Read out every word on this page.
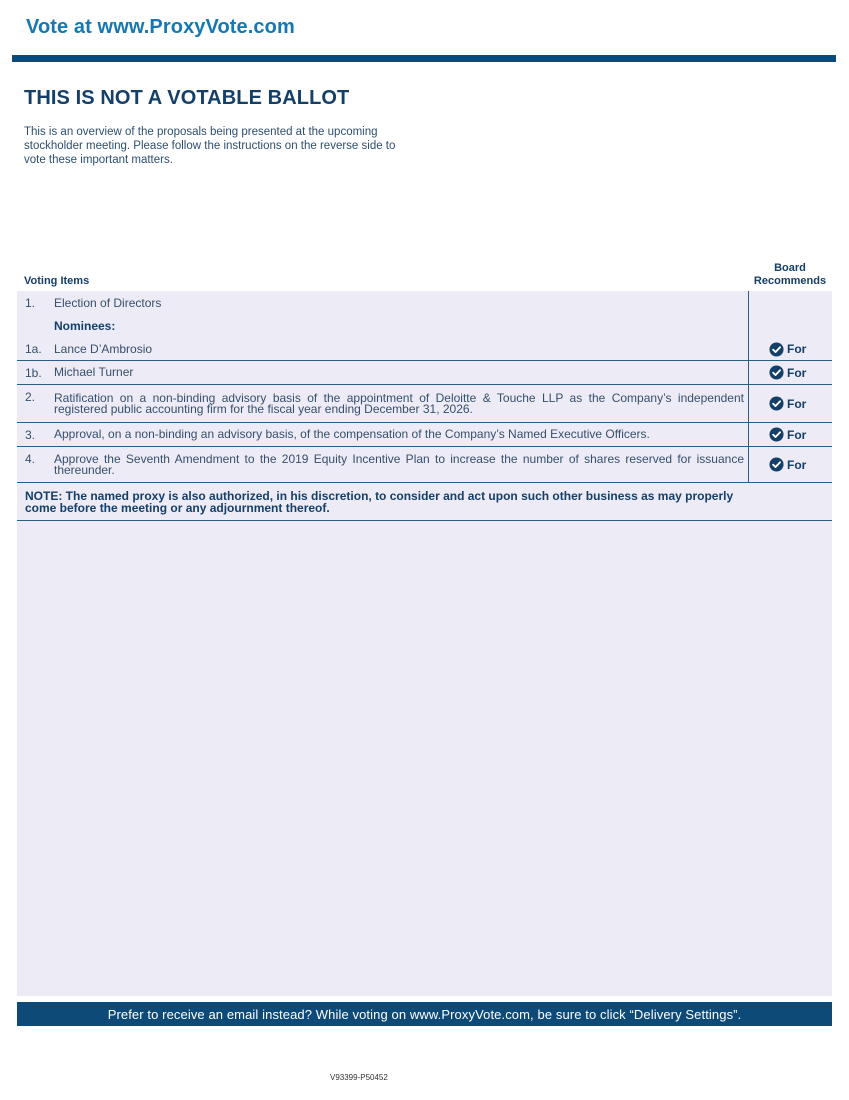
Vote at www.ProxyVote.com
THIS IS NOT A VOTABLE BALLOT

This is an overview of the proposals being presented at the upcoming stockholder meeting. Please follow the instructions on the reverse side to vote these important matters.

Voting Items
Board
Recommends
1. Election of Directors
Nominees:
1a. Lance D’Ambrosio	For
1b. Michael Turner	For
2. Ratification on a non-binding advisory basis of the appointment of Deloitte & Touche LLP as the Company’s independent registered public accounting firm for the fiscal year ending December 31, 2026.	For
3. Approval, on a non-binding an advisory basis, of the compensation of the Company’s Named Executive Officers.	For
4. Approve the Seventh Amendment to the 2019 Equity Incentive Plan to increase the number of shares reserved for issuance thereunder.	For
NOTE: The named proxy is also authorized, in his discretion, to consider and act upon such other business as may properly come before the meeting or any adjournment thereof.
Prefer to receive an email instead? While voting on www.ProxyVote.com, be sure to click “Delivery Settings”.
V93399-P50452
